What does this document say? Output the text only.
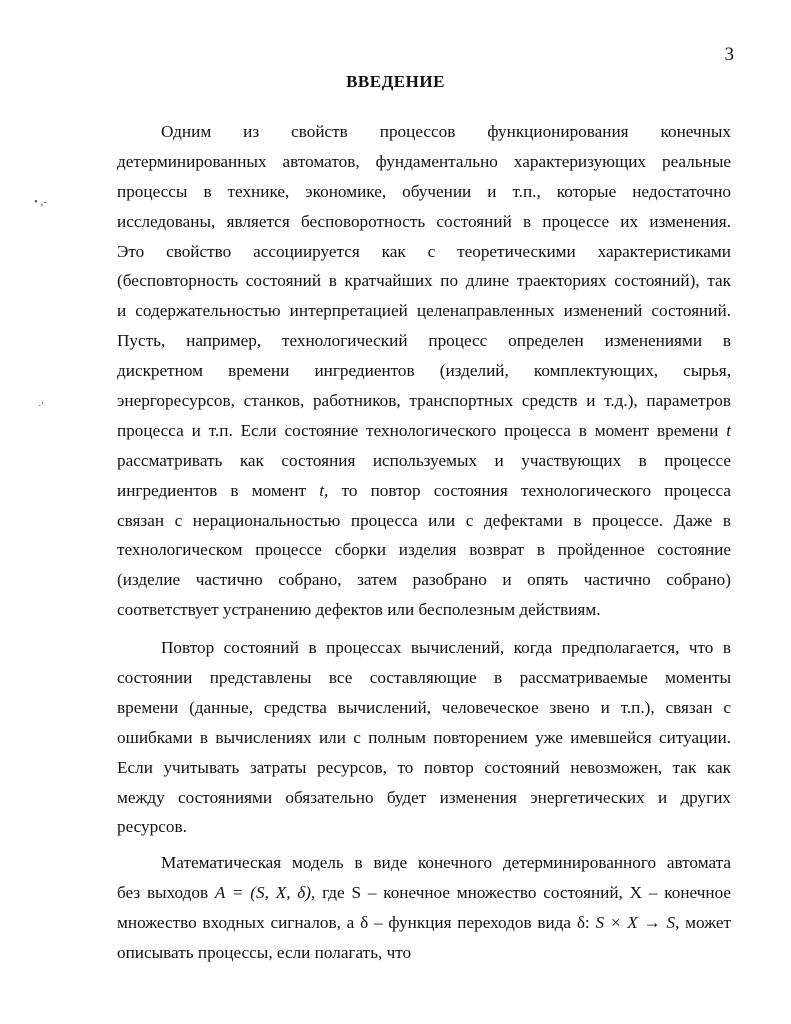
3
ВВЕДЕНИЕ
• ,-
·'
Одним из свойств процессов функционирования конечных
детерминированных автоматов, фундаментально характеризующих реальные
процессы в технике, экономике, обучении и т.п., которые недостаточно
исследованы, является бесповоротность состояний в процессе их изменения.
Это свойство ассоциируется как с теоретическими характеристиками
(бесповторность состояний в кратчайших по длине траекториях состояний), так
и содержательностью интерпретацией целенаправленных изменений состояний.
Пусть, например, технологический процесс определен изменениями в
дискретном времени ингредиентов (изделий, комплектующих, сырья,
энергоресурсов, станков, работников, транспортных средств и т.д.), параметров
процесса и т.п. Если состояние технологического процесса в момент времени t
рассматривать как состояния используемых и участвующих в процессе
ингредиентов в момент t, то повтор состояния технологического процесса
связан с нерациональностью процесса или с дефектами в процессе. Даже в
технологическом процессе сборки изделия возврат в пройденное состояние
(изделие частично собрано, затем разобрано и опять частично собрано)
соответствует устранению дефектов или бесполезным действиям.
Повтор состояний в процессах вычислений, когда предполагается, что в
состоянии представлены все составляющие в рассматриваемые моменты
времени (данные, средства вычислений, человеческое звено и т.п.), связан с
ошибками в вычислениях или с полным повторением уже имевшейся ситуации.
Если учитывать затраты ресурсов, то повтор состояний невозможен, так как
между состояниями обязательно будет изменения энергетических и других
ресурсов.
Математическая модель в виде конечного детерминированного автомата
без выходов A = (S, X, δ), где S – конечное множество состояний, X – конечное
множество входных сигналов, а δ – функция переходов вида δ: S × X → S, может
описывать процессы, если полагать, что
